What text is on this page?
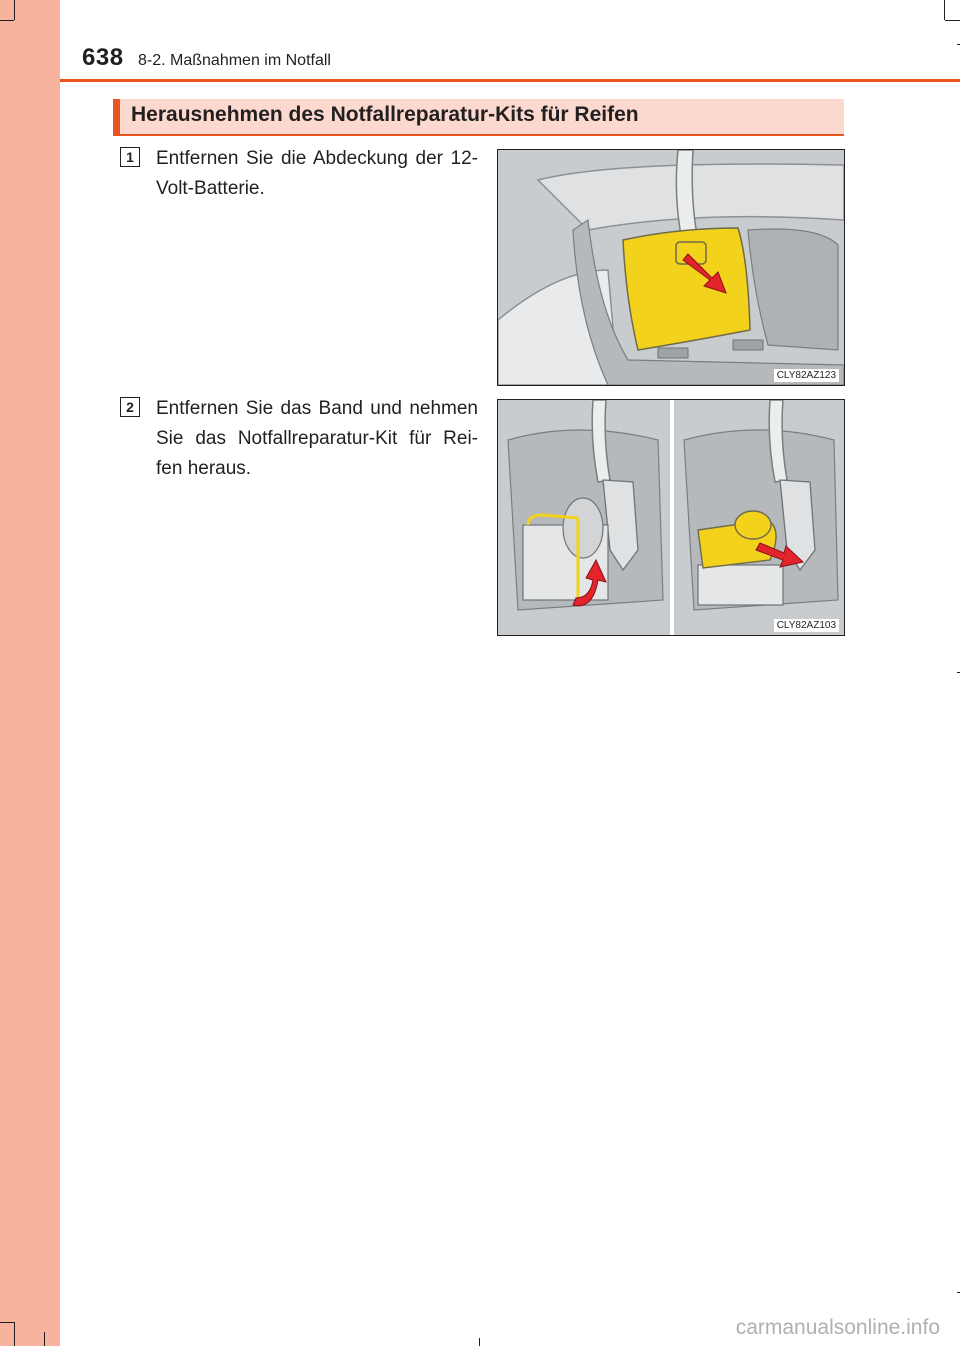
638 8-2. Maßnahmen im Notfall
Herausnehmen des Notfallreparatur-Kits für Reifen
1	Entfernen Sie die Abdeckung der 12-Volt-Batterie.
CLY82AZ123
2	Entfernen Sie das Band und nehmen Sie das Notfallreparatur-Kit für Rei-fen heraus.
CLY82AZ103
carmanualsonline.info
